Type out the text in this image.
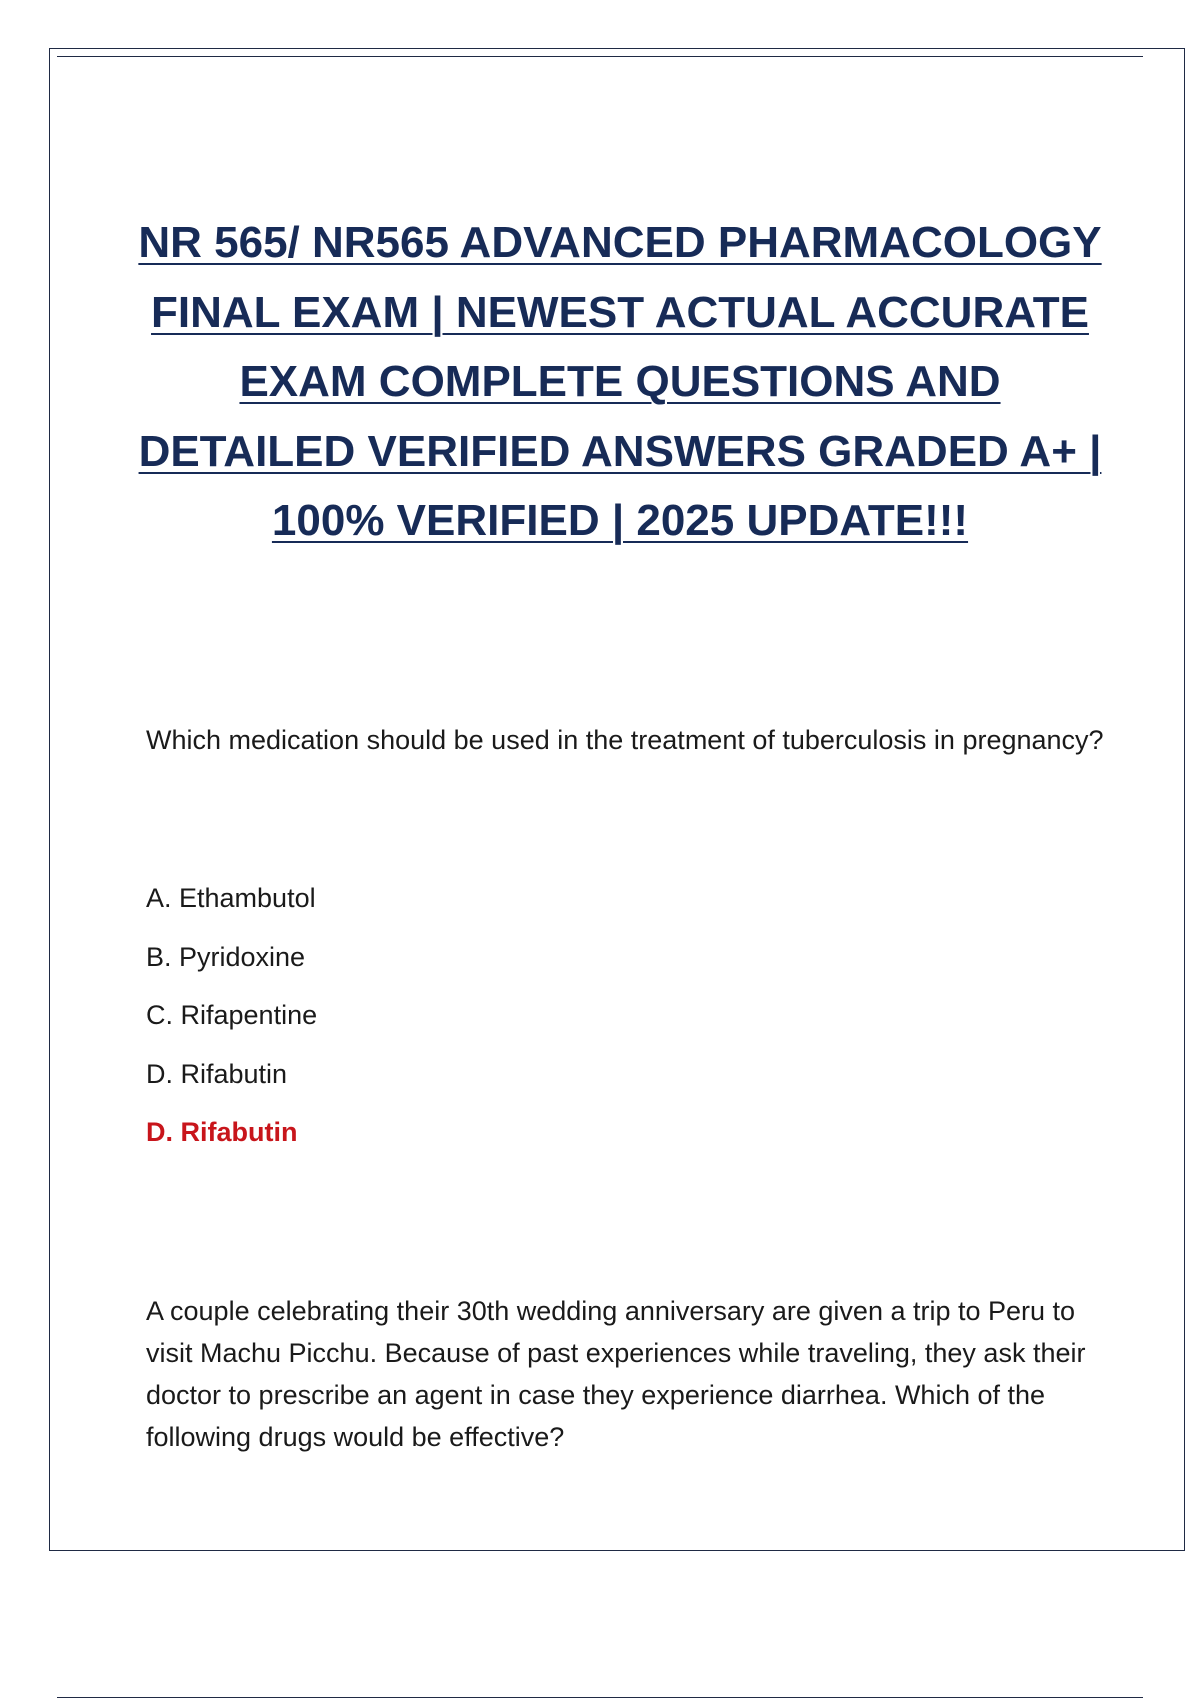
NR 565/ NR565 ADVANCED PHARMACOLOGY FINAL EXAM | NEWEST ACTUAL ACCURATE EXAM COMPLETE QUESTIONS AND DETAILED VERIFIED ANSWERS GRADED A+ | 100% VERIFIED | 2025 UPDATE!!!

Which medication should be used in the treatment of tuberculosis in pregnancy?

A. Ethambutol
B. Pyridoxine
C. Rifapentine
D. Rifabutin

D. Rifabutin

A couple celebrating their 30th wedding anniversary are given a trip to Peru to visit Machu Picchu. Because of past experiences while traveling, they ask their doctor to prescribe an agent in case they experience diarrhea. Which of the following drugs would be effective?
